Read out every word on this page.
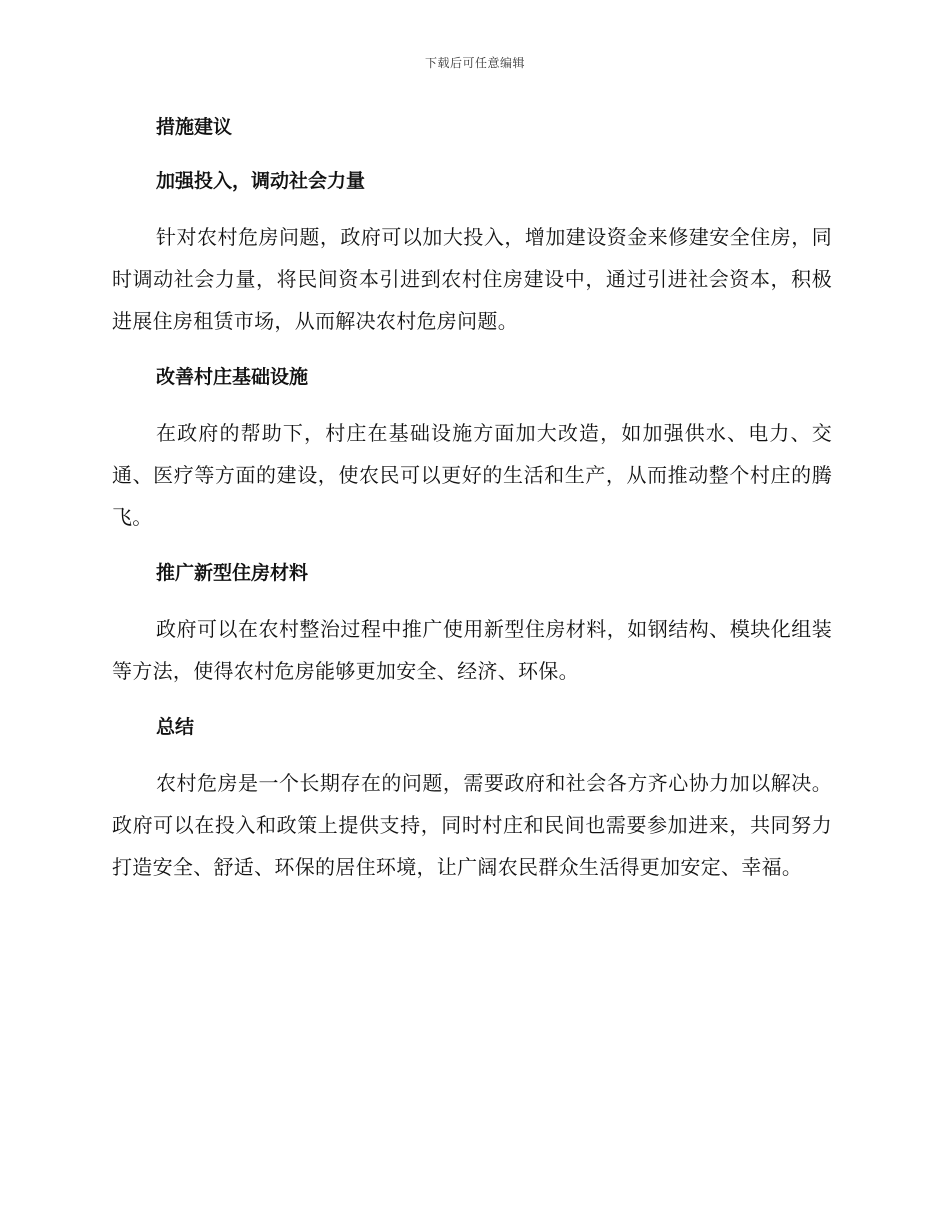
下载后可任意编辑
措施建议
加强投入，调动社会力量

针对农村危房问题，政府可以加大投入，增加建设资金来修建安全住房，同时调动社会力量，将民间资本引进到农村住房建设中，通过引进社会资本，积极进展住房租赁市场，从而解决农村危房问题。

改善村庄基础设施

在政府的帮助下，村庄在基础设施方面加大改造，如加强供水、电力、交通、医疗等方面的建设，使农民可以更好的生活和生产，从而推动整个村庄的腾飞。

推广新型住房材料

政府可以在农村整治过程中推广使用新型住房材料，如钢结构、模块化组装等方法，使得农村危房能够更加安全、经济、环保。

总结

农村危房是一个长期存在的问题，需要政府和社会各方齐心协力加以解决。政府可以在投入和政策上提供支持，同时村庄和民间也需要参加进来，共同努力打造安全、舒适、环保的居住环境，让广阔农民群众生活得更加安定、幸福。
